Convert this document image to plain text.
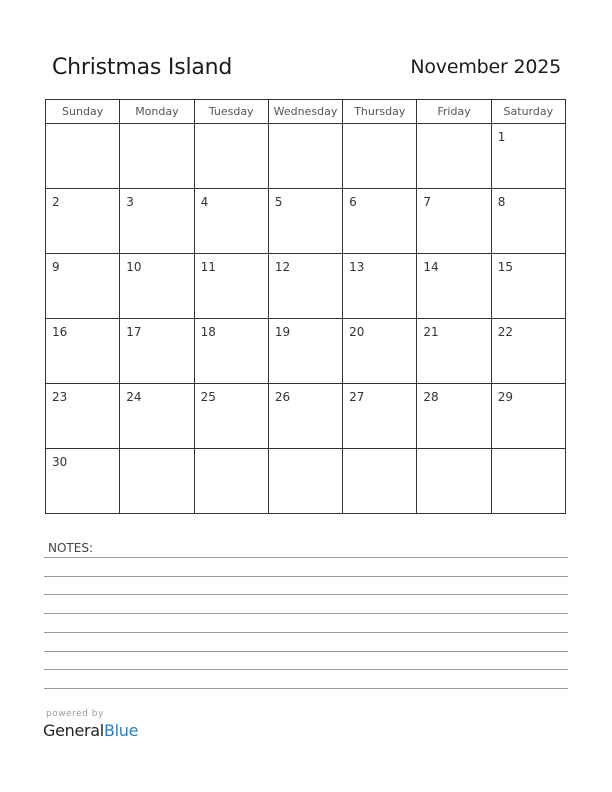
Christmas Island	November 2025
Sunday	Monday	Tuesday	Wednesday	Thursday	Friday	Saturday

						1

2	3	4	5	6	7	8

9	10	11	12	13	14	15

16	17	18	19	20	21	22

23	24	25	26	27	28	29

30						

NOTES:
powered by
GeneralBlue
